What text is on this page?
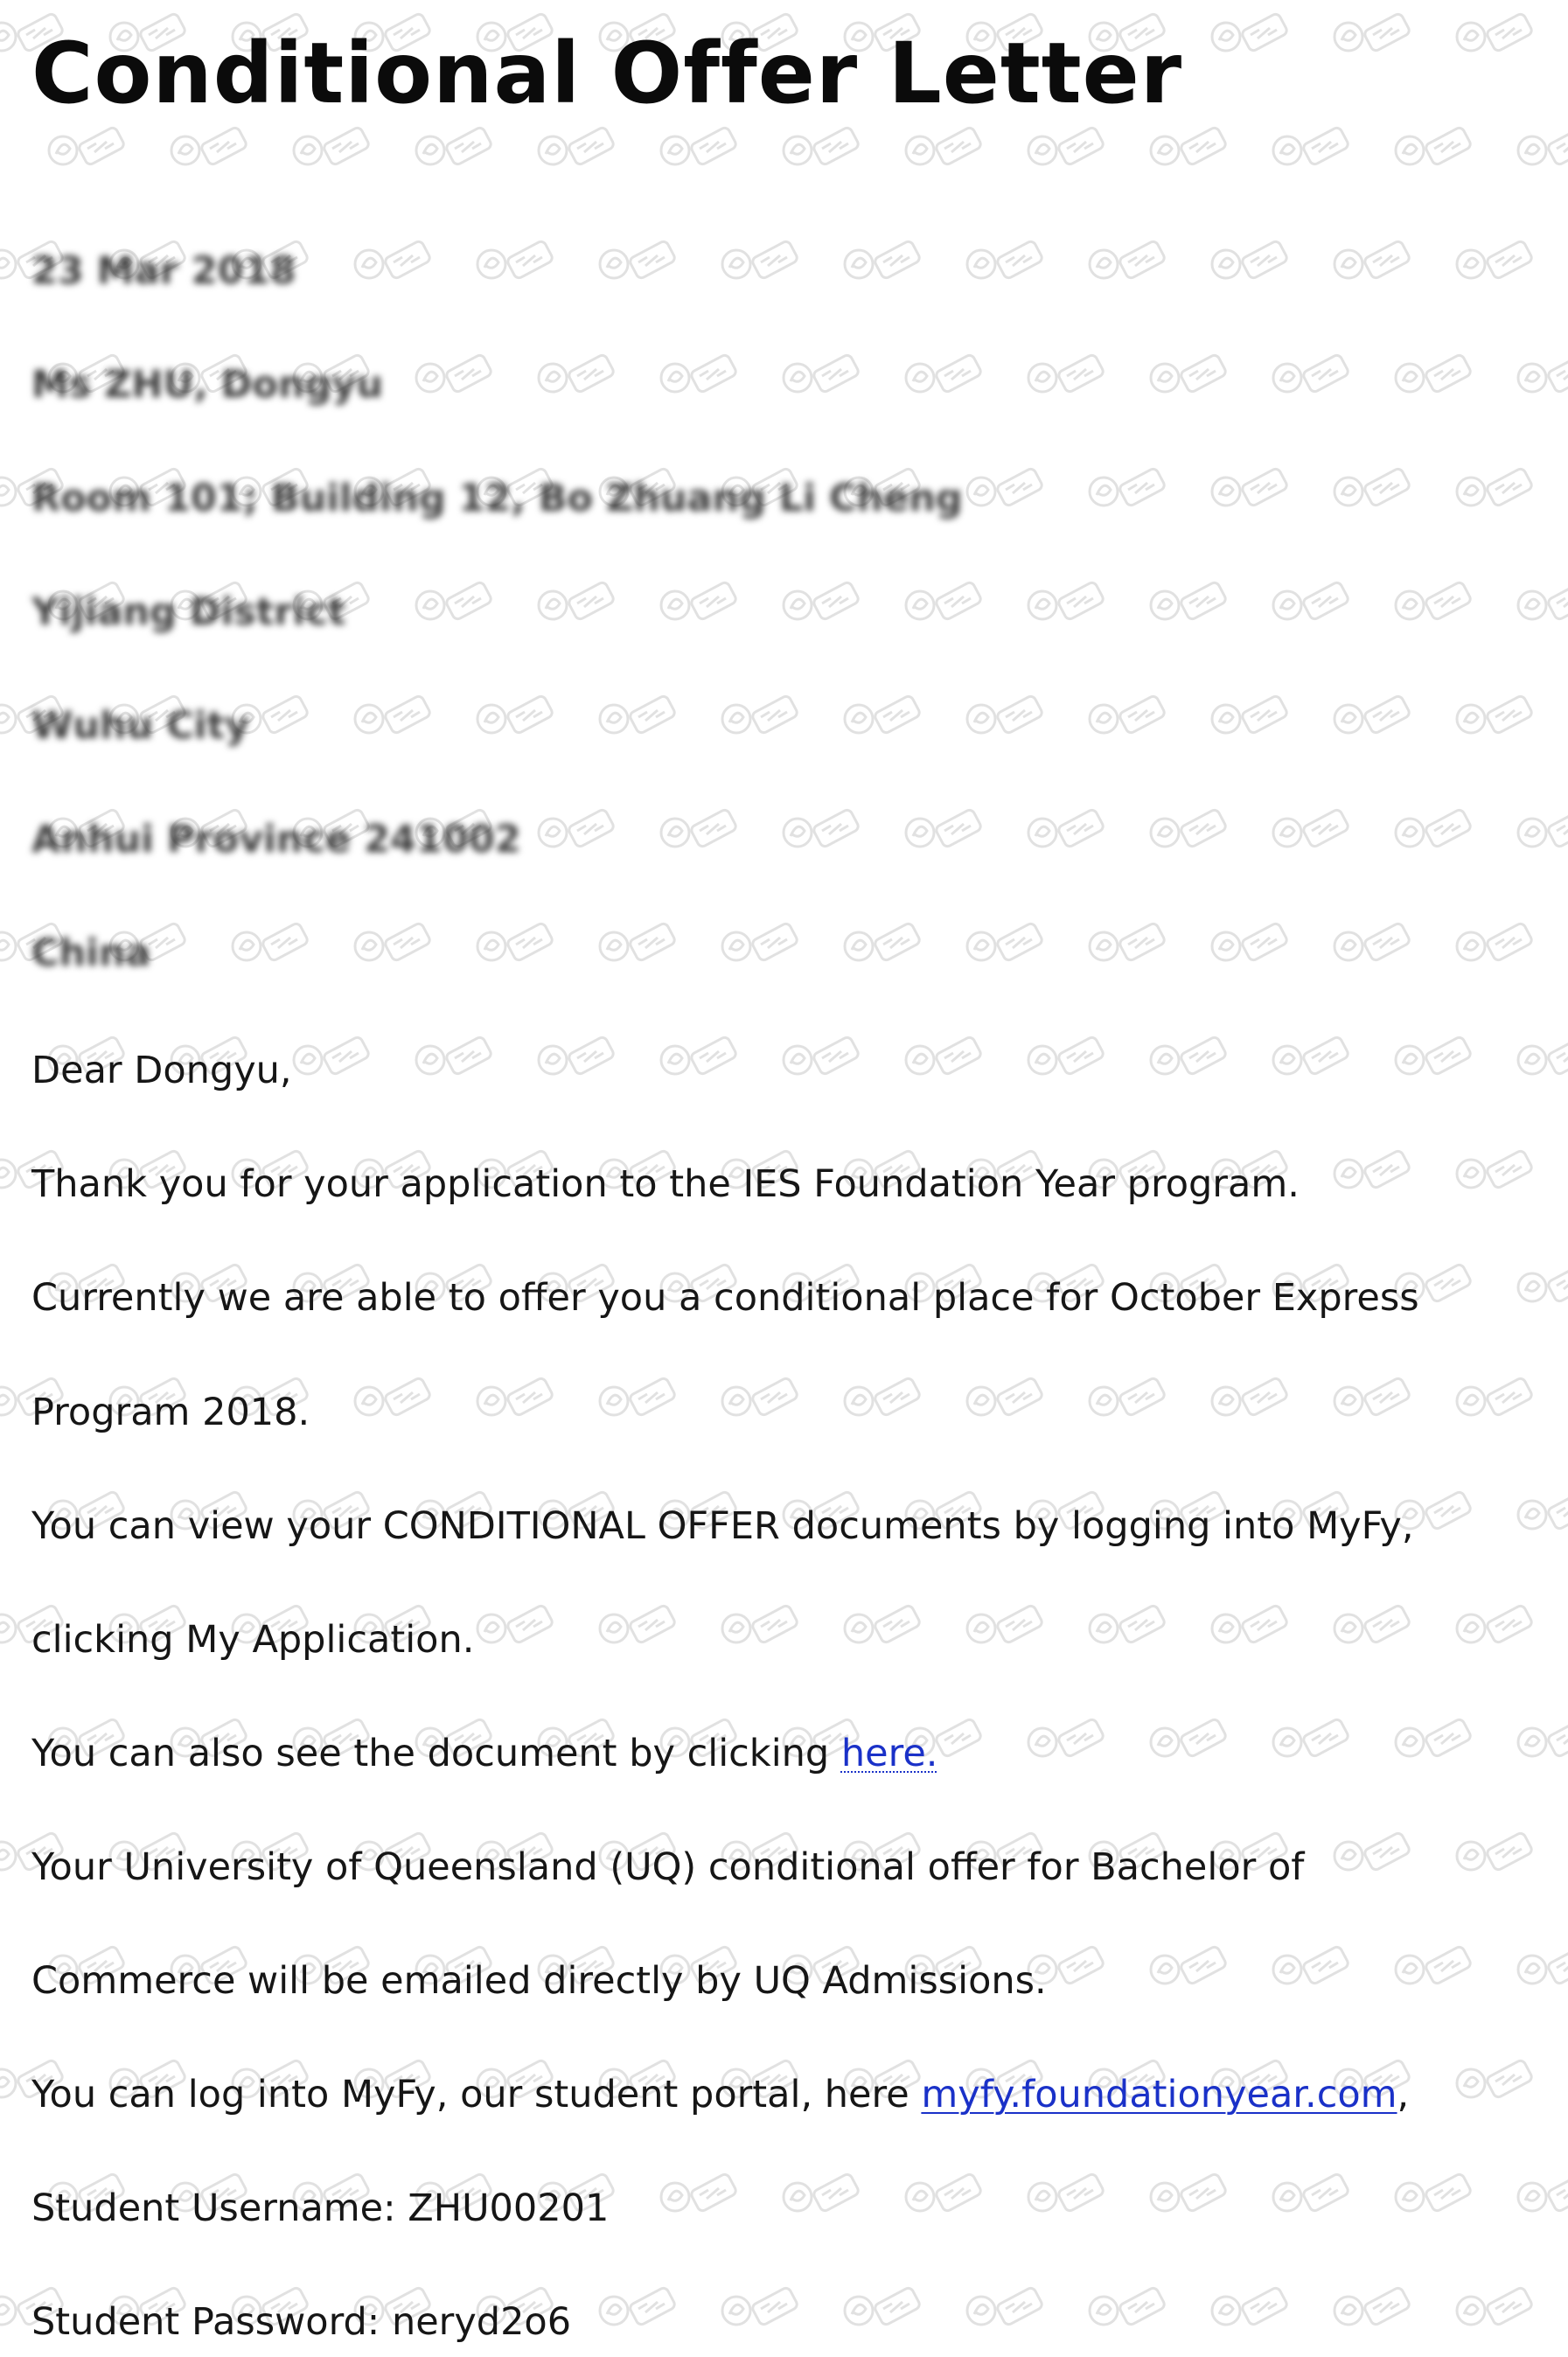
Conditional Offer Letter
23 Mar 2018
Ms ZHU, Dongyu
Room 101; Building 12, Bo Zhuang Li Cheng
Yijiang District
Wuhu City
Anhui Province 241002
China
Dear Dongyu,
Thank you for your application to the IES Foundation Year program.
Currently we are able to offer you a conditional place for October Express
Program 2018.
You can view your CONDITIONAL OFFER documents by logging into MyFy,
clicking My Application.
You can also see the document by clicking here.
Your University of Queensland (UQ) conditional offer for Bachelor of
Commerce will be emailed directly by UQ Admissions.
You can log into MyFy, our student portal, here myfy.foundationyear.com,
Student Username: ZHU00201
Student Password: neryd2o6
